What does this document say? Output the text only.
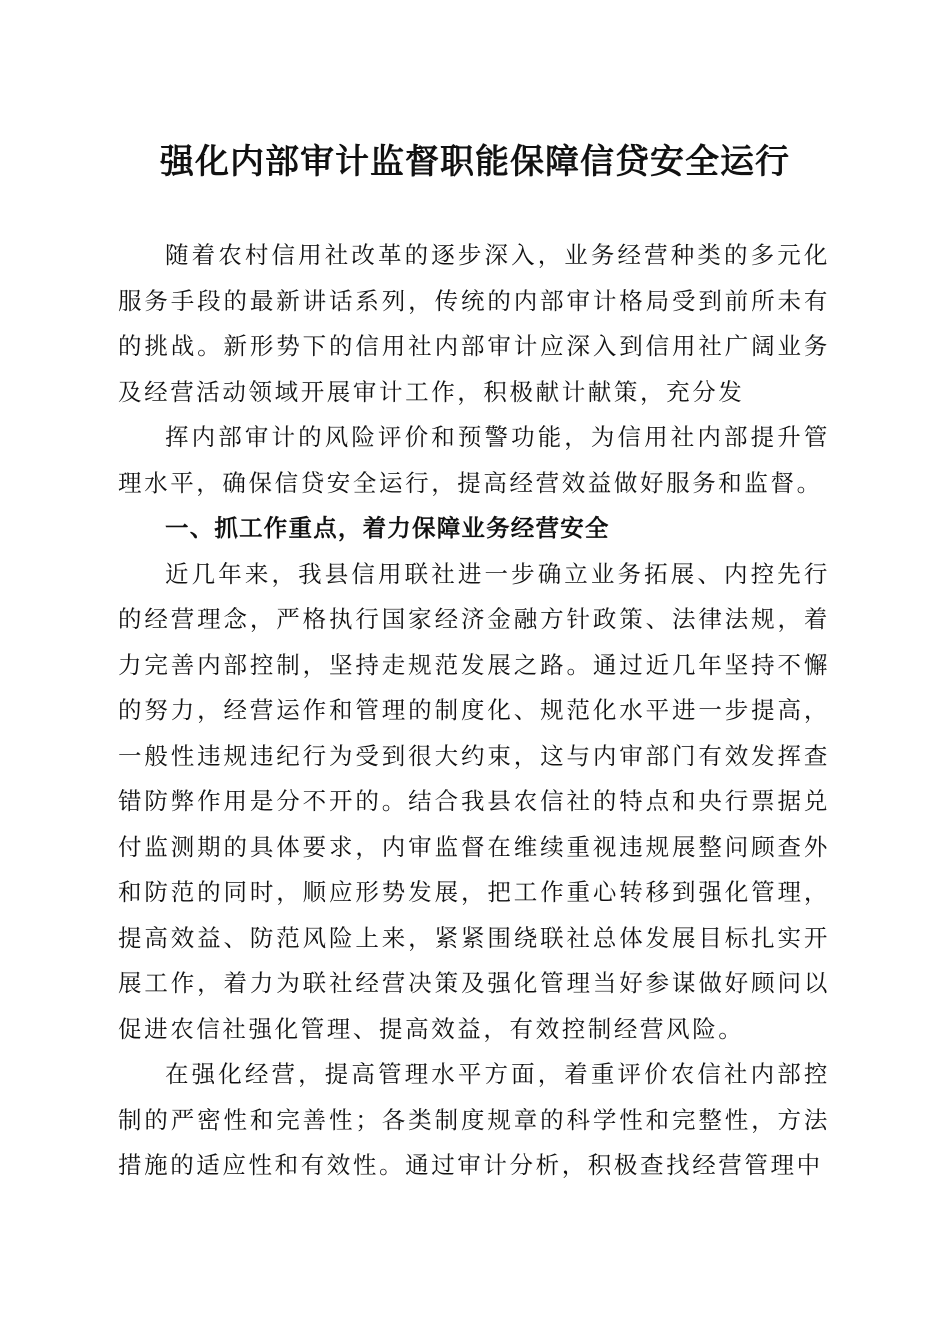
强化内部审计监督职能保障信贷安全运行

随着农村信用社改革的逐步深入，业务经营种类的多元化服务手段的最新讲话系列，传统的内部审计格局受到前所未有的挑战。新形势下的信用社内部审计应深入到信用社广阔业务及经营活动领域开展审计工作，积极献计献策，充分发

挥内部审计的风险评价和预警功能，为信用社内部提升管理水平，确保信贷安全运行，提高经营效益做好服务和监督。

一、抓工作重点，着力保障业务经营安全

近几年来，我县信用联社进一步确立业务拓展、内控先行的经营理念，严格执行国家经济金融方针政策、法律法规，着力完善内部控制，坚持走规范发展之路。通过近几年坚持不懈的努力，经营运作和管理的制度化、规范化水平进一步提高，一般性违规违纪行为受到很大约束，这与内审部门有效发挥查错防弊作用是分不开的。结合我县农信社的特点和央行票据兑付监测期的具体要求，内审监督在维续重视违规展整问顾查外和防范的同时，顺应形势发展，把工作重心转移到强化管理，提高效益、防范风险上来，紧紧围绕联社总体发展目标扎实开展工作，着力为联社经营决策及强化管理当好参谋做好顾问以促进农信社强化管理、提高效益，有效控制经营风险。

在强化经营，提高管理水平方面，着重评价农信社内部控制的严密性和完善性；各类制度规章的科学性和完整性，方法措施的适应性和有效性。通过审计分析，积极查找经营管理中
